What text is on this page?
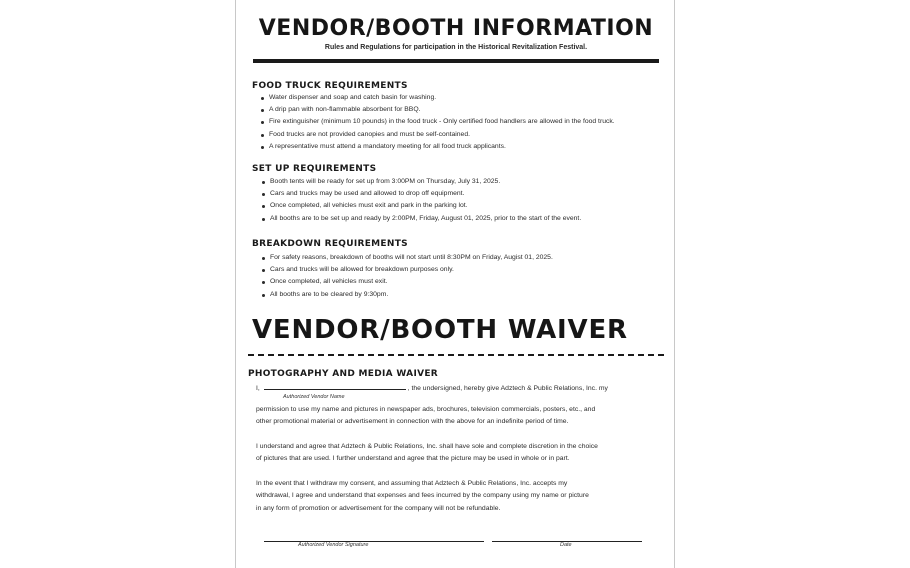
VENDOR/BOOTH INFORMATION
Rules and Regulations for participation in the Historical Revitalization Festival.
FOOD TRUCK REQUIREMENTS
Water dispenser and soap and catch basin for washing.
A drip pan with non-flammable absorbent for BBQ.
Fire extinguisher (minimum 10 pounds) in the food truck - Only certified food handlers are allowed in the food truck.
Food trucks are not provided canopies and must be self-contained.
A representative must attend a mandatory meeting for all food truck applicants.
SET UP REQUIREMENTS
Booth tents will be ready for set up from 3:00PM on Thursday, July 31, 2025.
Cars and trucks may be used and allowed to drop off equipment.
Once completed, all vehicles must exit and park in the parking lot.
All booths are to be set up and ready by 2:00PM, Friday, August 01, 2025, prior to the start of the event.
BREAKDOWN REQUIREMENTS
For safety reasons, breakdown of booths will not start until 8:30PM on Friday, Augist 01, 2025.
Cars and trucks will be allowed for breakdown purposes only.
Once completed, all vehicles must exit.
All booths are to be cleared by 9:30pm.
VENDOR/BOOTH WAIVER
PHOTOGRAPHY AND MEDIA WAIVER
I,	, the undersigned, hereby give Adztech & Public Relations, Inc. my
Authorized Vendor Name
permission to use my name and pictures in newspaper ads, brochures, television commercials, posters, etc., and
other promotional material or advertisement in connection with the above for an indefinite period of time.
I understand and agree that Adztech & Public Relations, Inc. shall have sole and complete discretion in the choice
of pictures that are used. I further understand and agree that the picture may be used in whole or in part.
In the event that I withdraw my consent, and assuming that Adztech & Public Relations, Inc. accepts my
withdrawal, I agree and understand that expenses and fees incurred by the company using my name or picture
in any form of promotion or advertisement for the company will not be refundable.
Authorized Vendor Signature	Date
